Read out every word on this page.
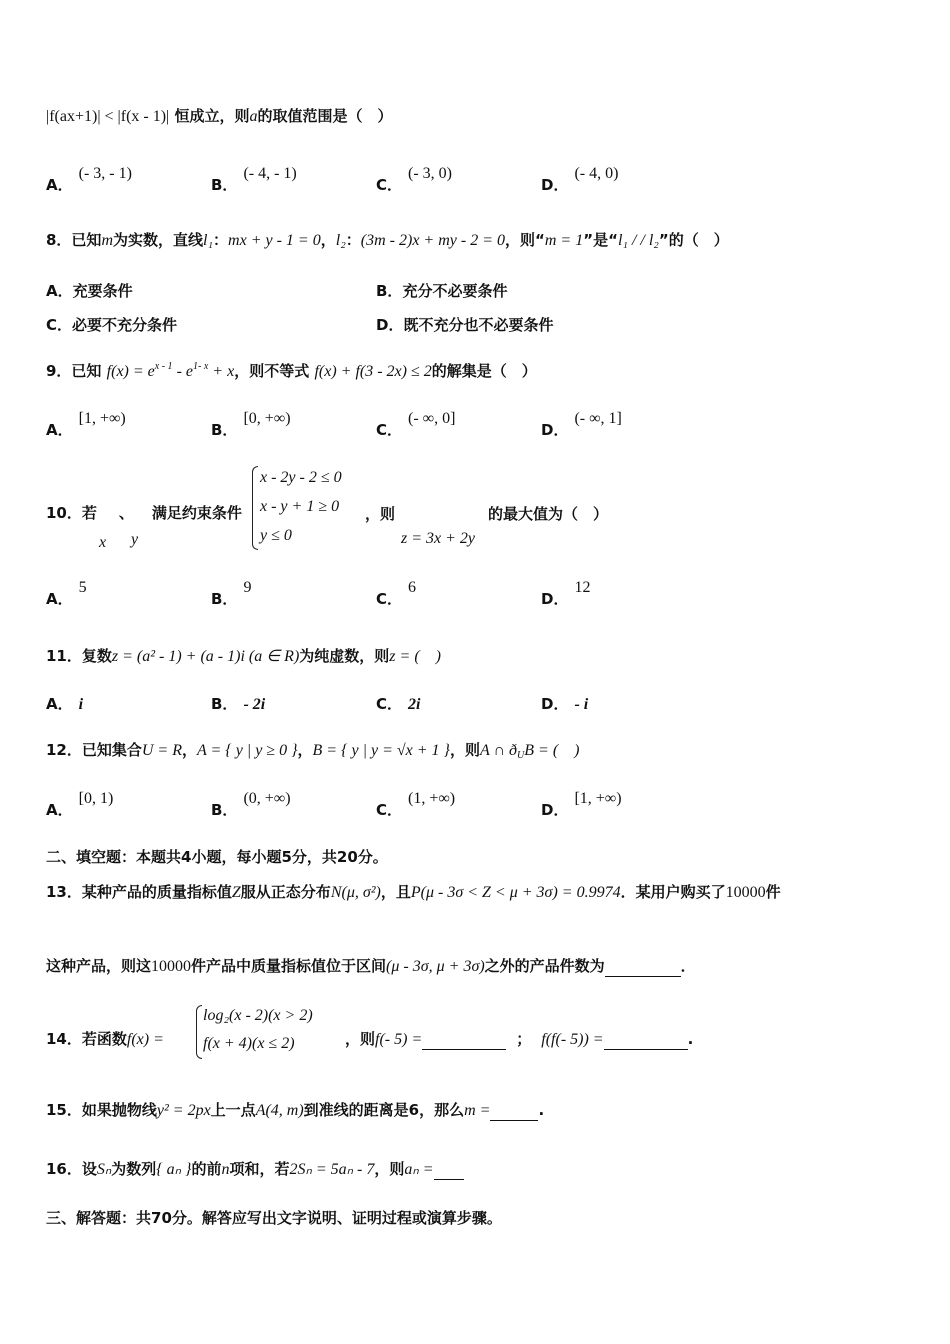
|f(ax+1)| < |f(x - 1)| 恒成立，则a的取值范围是（　）
A．(- 3, - 1)
B．(- 4, - 1)
C．(- 3, 0)
D．(- 4, 0)
8．已知m为实数，直线l₁：mx + y - 1 = 0，l₂：(3m - 2)x + my - 2 = 0，则“m = 1”是“l₁ / / l₂”的（　）
A．充要条件	B．充分不必要条件
C．必要不充分条件	D．既不充分也不必要条件
9．已知 $f(x) = e^{x - 1} - e^{1- x} + x$，则不等式 f(x) + f(3 - 2x) ≤ 2的解集是（　）
A．[1, +∞)
B．[0, +∞)
C．(- ∞, 0]
D．(- ∞, 1]
10．若 、 满足约束条件
x y
x - 2y - 2 ≤ 0
x - y + 1 ≥ 0
y ≤ 0
，则
z = 3x + 2y
的最大值为（　）
A．5
B．9
C．6
D．12
11．复数z = (a² - 1) + (a - 1)i (a ∈ R)为纯虚数，则z = (　)
A． i	B． - 2i	C． 2i	D． - i
12．已知集合U = R，A = { y | y ≥ 0 }，B = { y | y = √x + 1 }，则A ∩ $ð_UB$ = (　)
A．[0, 1)
B．(0, +∞)
C．(1, +∞)
D．[1, +∞)
二、填空题：本题共4小题，每小题5分，共20分。
13．某种产品的质量指标值Z服从正态分布N(μ, σ²)，且P(μ - 3σ < Z < μ + 3σ) = 0.9974．某用户购买了10000件
这种产品，则这10000件产品中质量指标值位于区间(μ - 3σ, μ + 3σ)之外的产品件数为	．
14．若函数f(x) =
log₂(x - 2)(x > 2)
f(x + 4)(x ≤ 2)	，则f(- 5) =	； f(f(- 5)) =	.
15．如果抛物线y² = 2px上一点A(4, m)到准线的距离是6，那么m =	.
16．设Sₙ为数列{ aₙ }的前n项和，若2Sₙ = 5aₙ - 7，则aₙ =
三、解答题：共70分。解答应写出文字说明、证明过程或演算步骤。
